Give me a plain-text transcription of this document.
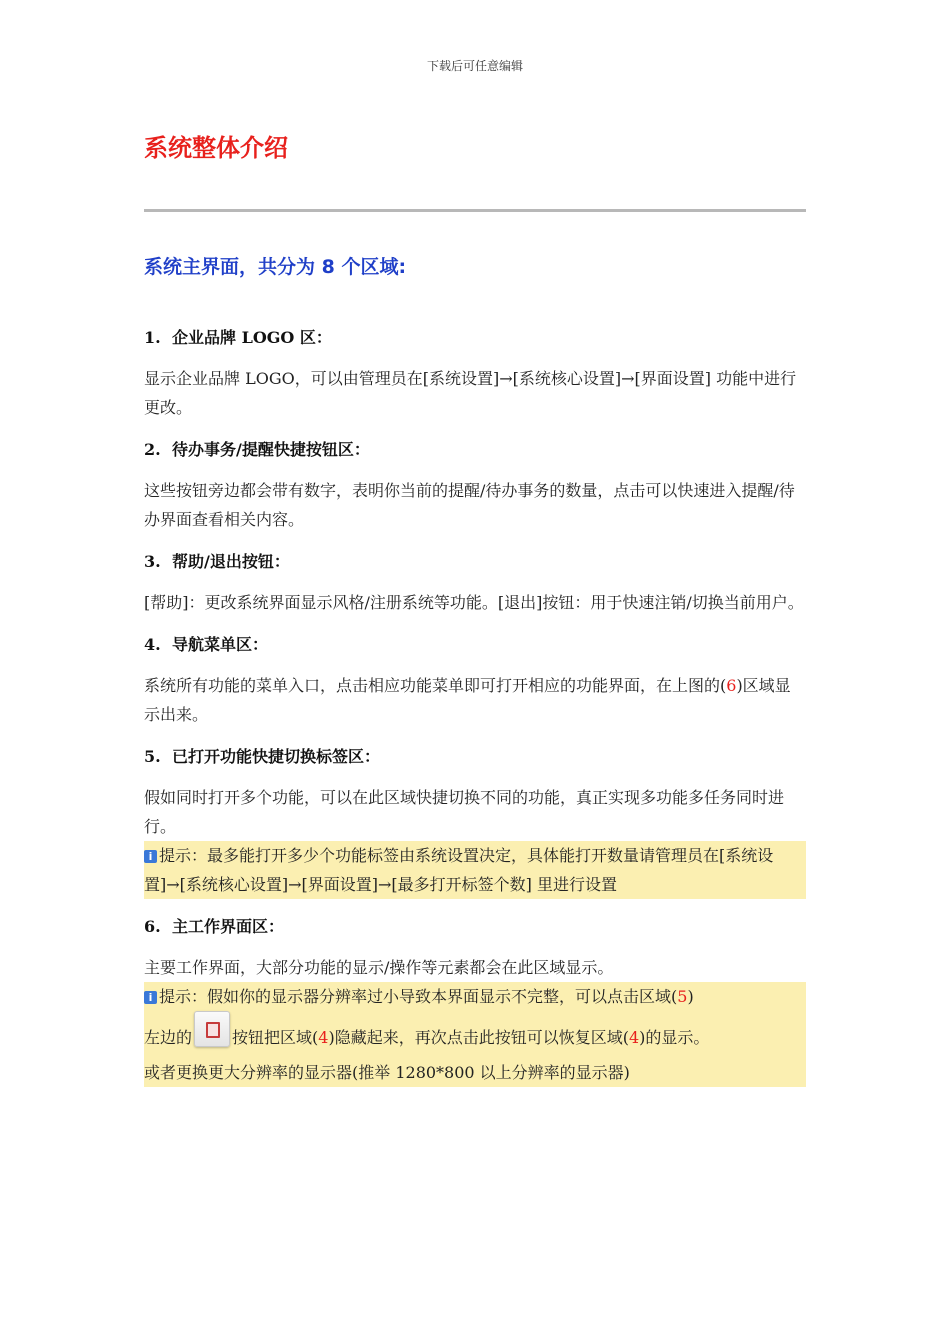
下载后可任意编辑
系统整体介绍
系统主界面，共分为 8 个区域:
1. 企业品牌 LOGO 区：

显示企业品牌 LOGO，可以由管理员在[系统设置]→[系统核心设置]→[界面设置] 功能中进行更改。

2. 待办事务/提醒快捷按钮区：

这些按钮旁边都会带有数字，表明你当前的提醒/待办事务的数量，点击可以快速进入提醒/待办界面查看相关内容。

3. 帮助/退出按钮：

[帮助]：更改系统界面显示风格/注册系统等功能。[退出]按钮：用于快速注销/切换当前用户。

4. 导航菜单区：

系统所有功能的菜单入口，点击相应功能菜单即可打开相应的功能界面，在上图的(6)区域显示出来。

5. 已打开功能快捷切换标签区：

假如同时打开多个功能，可以在此区域快捷切换不同的功能，真正实现多功能多任务同时进行。

i 提示：最多能打开多少个功能标签由系统设置决定，具体能打开数量请管理员在[系统设置]→[系统核心设置]→[界面设置]→[最多打开标签个数] 里进行设置
6. 主工作界面区：

主要工作界面，大部分功能的显示/操作等元素都会在此区域显示。

i 提示：假如你的显示器分辨率过小导致本界面显示不完整，可以点击区域(5)
左边的	按钮把区域(4)隐藏起来，再次点击此按钮可以恢复区域(4)的显示。
或者更换更大分辨率的显示器(推举 1280*800 以上分辨率的显示器)
